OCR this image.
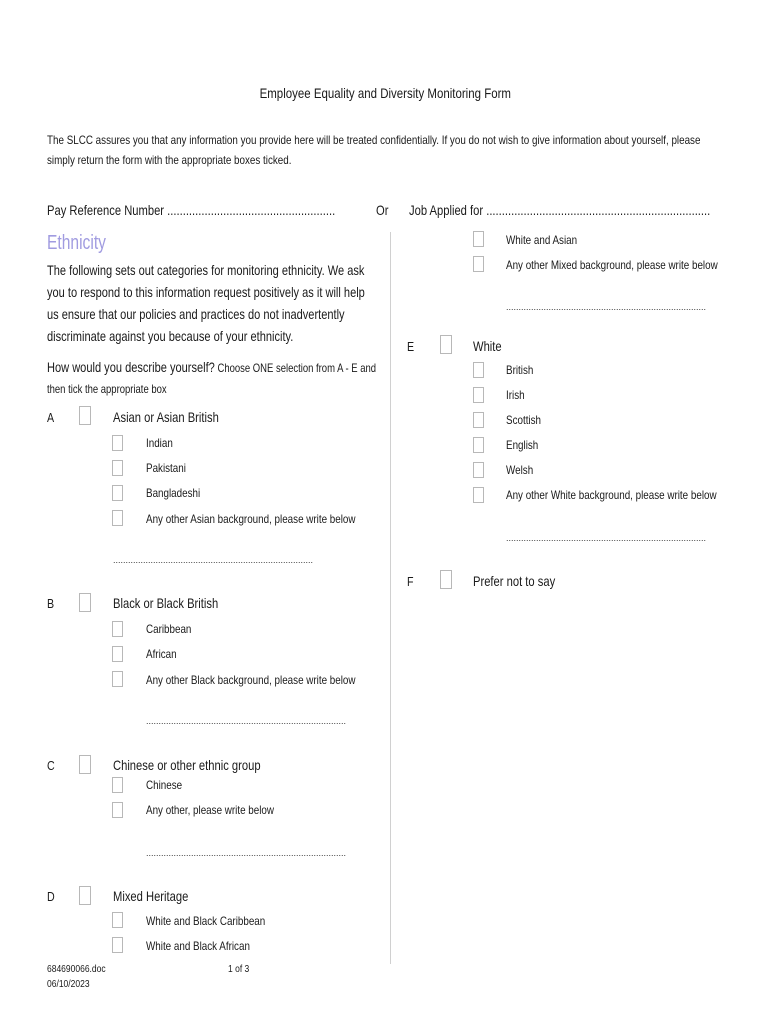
Employee Equality and Diversity Monitoring Form
The SLCC assures you that any information you provide here will be treated confidentially. If you do not wish to give information about yourself, please simply return the form with the appropriate boxes ticked.
Pay Reference Number ......................................................	Or Job Applied for ........................................................................
Ethnicity
The following sets out categories for monitoring ethnicity. We ask you to respond to this information request positively as it will help us ensure that our policies and practices do not inadvertently discriminate against you because of your ethnicity.
How would you describe yourself? Choose ONE selection from A - E and then tick the appropriate box
A	Asian or Asian British
Indian
Pakistani
Bangladeshi
Any other Asian background, please write below
................................................................................
B	Black or Black British
Caribbean
African
Any other Black background, please write below
................................................................................
C	Chinese or other ethnic group
Chinese
Any other, please write below
................................................................................
D	Mixed Heritage
White and Black Caribbean
White and Black African
White and Asian
Any other Mixed background, please write below
................................................................................
E	White
British
Irish
Scottish
English
Welsh
Any other White background, please write below
................................................................................
F	Prefer not to say
684690066.doc
06/10/2023
1 of 3
